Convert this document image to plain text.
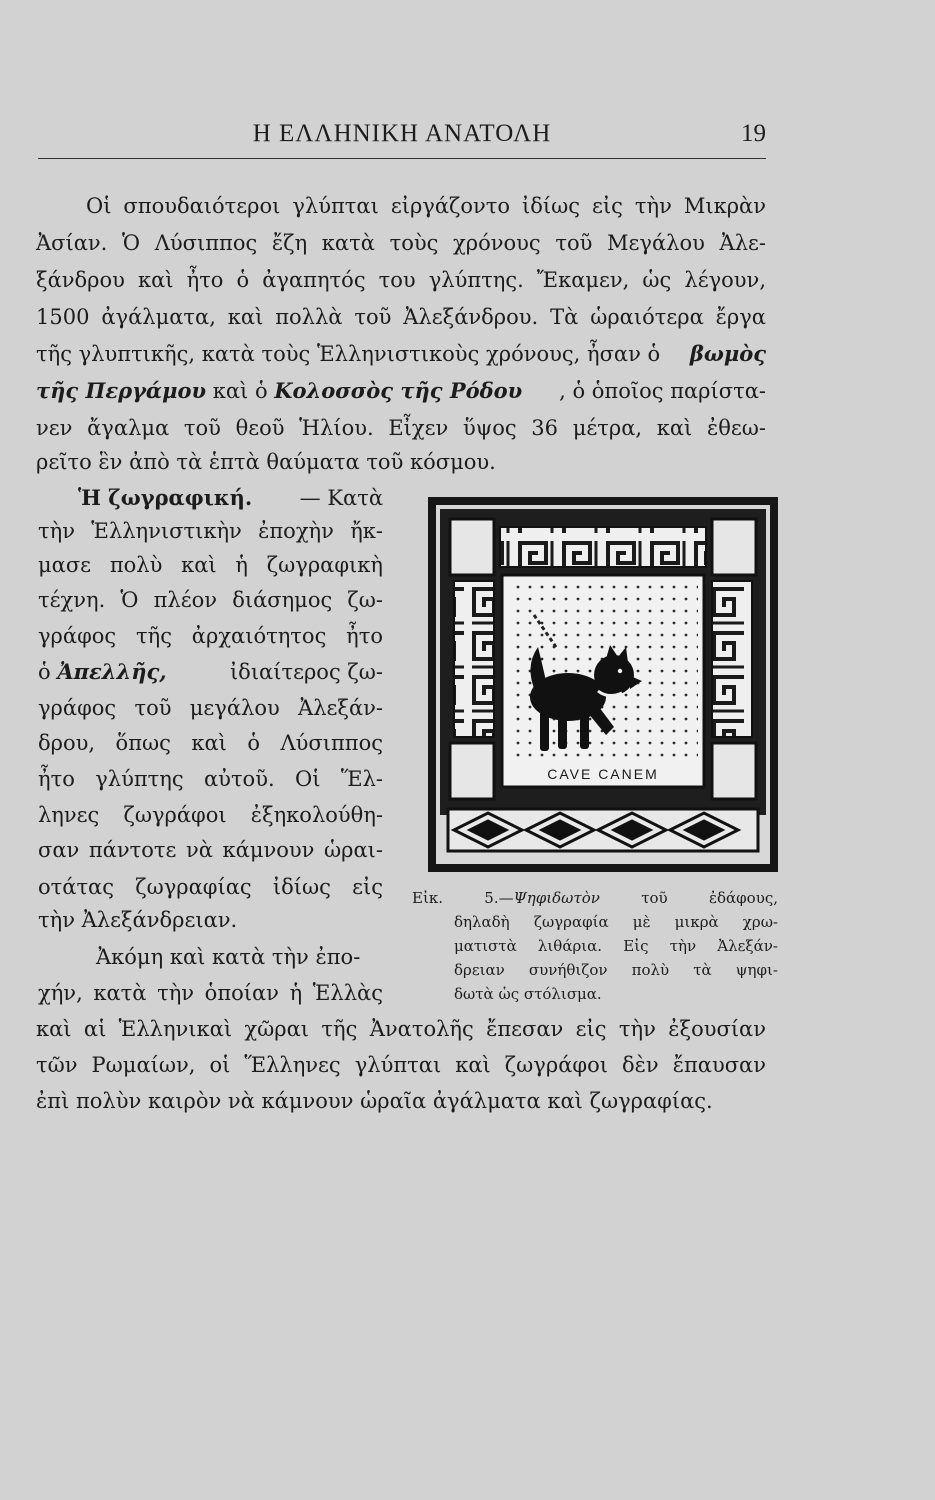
Η ΕΛΛΗΝΙΚΗ ΑΝΑΤΟΛΗ	19
Οἱ σπουδαιότεροι γλύπται εἰργάζοντο ἰδίως εἰς τὴν Μικρὰν
Ἀσίαν. Ὁ Λύσιππος ἔζη κατὰ τοὺς χρόνους τοῦ Μεγάλου Ἀλε-
ξάνδρου καὶ ἦτο ὁ ἀγαπητός του γλύπτης. Ἔκαμεν, ὡς λέγουν,
1500 ἀγάλματα, καὶ πολλὰ τοῦ Ἀλεξάνδρου. Τὰ ὡραιότερα ἔργα
τῆς γλυπτικῆς, κατὰ τοὺς Ἑλληνιστικοὺς χρόνους, ἦσαν ὁ βωμὸς
τῆς Περγάμου καὶ ὁ Κολοσσὸς τῆς Ρόδου , ὁ ὁποῖος παρίστα-
νεν ἄγαλμα τοῦ θεοῦ Ἡλίου. Εἶχεν ὕψος 36 μέτρα, καὶ ἐθεω-
ρεῖτο ἓν ἀπὸ τὰ ἑπτὰ θαύματα τοῦ κόσμου.
Ἡ ζωγραφική. — Κατὰ
τὴν Ἑλληνιστικὴν ἐποχὴν ἤκ-
μασε πολὺ καὶ ἡ ζωγραφικὴ
τέχνη. Ὁ πλέον διάσημος ζω-
γράφος τῆς ἀρχαιότητος ἦτο
ὁ Ἀπελλῆς,	ἰδιαίτερος ζω-
γράφος τοῦ μεγάλου Ἀλεξάν-
δρου, ὅπως καὶ ὁ Λύσιππος
ἦτο γλύπτης αὐτοῦ. Οἱ Ἕλ-
ληνες ζωγράφοι ἐξηκολούθη-
σαν πάντοτε νὰ κάμνουν ὡραι-
οτάτας ζωγραφίας ἰδίως εἰς
τὴν Ἀλεξάνδρειαν.
Ἀκόμη καὶ κατὰ τὴν ἐπο-
χήν, κατὰ τὴν ὁποίαν ἡ Ἑλλὰς
καὶ αἱ Ἑλληνικαὶ χῶραι τῆς Ἀνατολῆς ἔπεσαν εἰς τὴν ἐξουσίαν
τῶν Ρωμαίων, οἱ Ἕλληνες γλύπται καὶ ζωγράφοι δὲν ἔπαυσαν
ἐπὶ πολὺν καιρὸν νὰ κάμνουν ὡραῖα ἀγάλματα καὶ ζωγραφίας.
CAVE CANEM
Εἰκ. 5.—Ψηφιδωτὸν τοῦ ἐδάφους,
δηλαδὴ ζωγραφία μὲ μικρὰ χρω-
ματιστὰ λιθάρια. Εἰς τὴν Ἀλεξάν-
δρειαν συνήθιζον πολὺ τὰ ψηφι-
δωτὰ ὡς στόλισμα.
